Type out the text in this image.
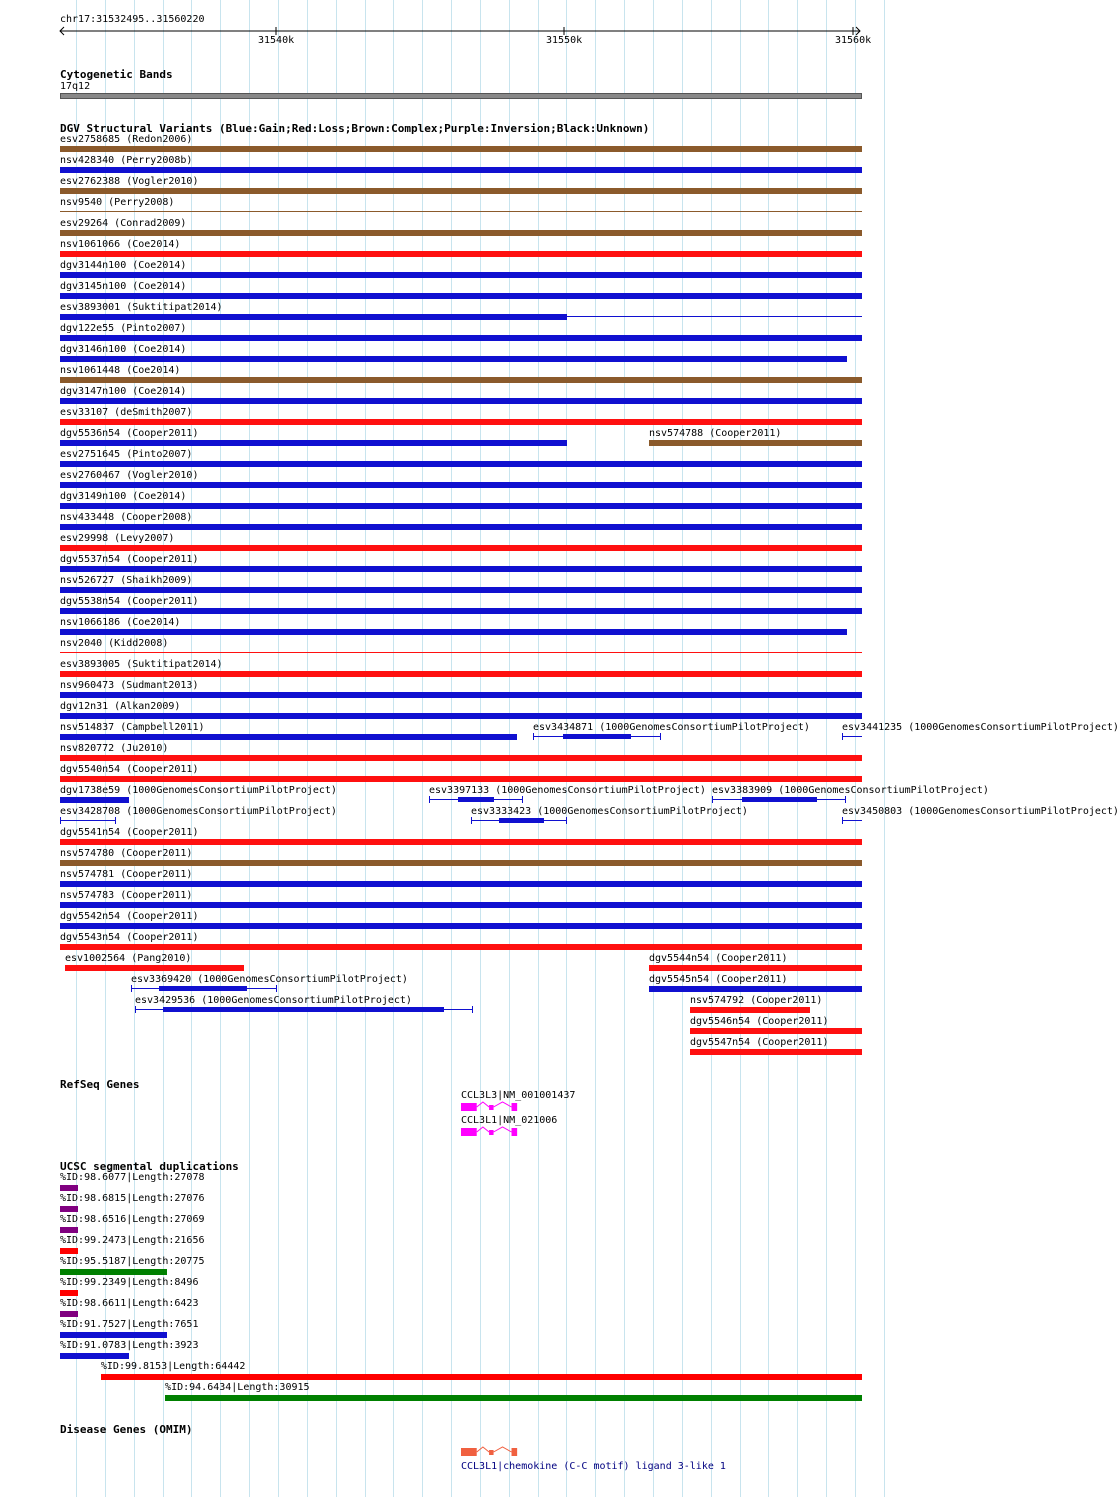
chr17:31532495..31560220
31540k	31550k	31560k
Cytogenetic Bands
17q12
DGV Structural Variants (Blue:Gain;Red:Loss;Brown:Complex;Purple:Inversion;Black:Unknown)
esv2758685 (Redon2006)
nsv428340 (Perry2008b)
esv2762388 (Vogler2010)
nsv9540 (Perry2008)
esv29264 (Conrad2009)
nsv1061066 (Coe2014)
dgv3144n100 (Coe2014)
dgv3145n100 (Coe2014)
esv3893001 (Suktitipat2014)
dgv122e55 (Pinto2007)
dgv3146n100 (Coe2014)
nsv1061448 (Coe2014)
dgv3147n100 (Coe2014)
esv33107 (deSmith2007)
dgv5536n54 (Cooper2011)	nsv574788 (Cooper2011)
esv2751645 (Pinto2007)
esv2760467 (Vogler2010)
dgv3149n100 (Coe2014)
nsv433448 (Cooper2008)
esv29998 (Levy2007)
dgv5537n54 (Cooper2011)
nsv526727 (Shaikh2009)
dgv5538n54 (Cooper2011)
nsv1066186 (Coe2014)
nsv2040 (Kidd2008)
esv3893005 (Suktitipat2014)
nsv960473 (Sudmant2013)
dgv12n31 (Alkan2009)
nsv514837 (Campbell2011)	esv3434871 (1000GenomesConsortiumPilotProject)	esv3441235 (1000GenomesConsortiumPilotProject)
nsv820772 (Ju2010)
dgv5540n54 (Cooper2011)
dgv1738e59 (1000GenomesConsortiumPilotProject)	esv3397133 (1000GenomesConsortiumPilotProject) esv3383909 (1000GenomesConsortiumPilotProject)
esv3428708 (1000GenomesConsortiumPilotProject)	esv3333423 (1000GenomesConsortiumPilotProject)	esv3450803 (1000GenomesConsortiumPilotProject)
dgv5541n54 (Cooper2011)
nsv574780 (Cooper2011)
nsv574781 (Cooper2011)
nsv574783 (Cooper2011)
dgv5542n54 (Cooper2011)
dgv5543n54 (Cooper2011)
esv1002564 (Pang2010)	dgv5544n54 (Cooper2011)
esv3369420 (1000GenomesConsortiumPilotProject)	dgv5545n54 (Cooper2011)
esv3429536 (1000GenomesConsortiumPilotProject)	nsv574792 (Cooper2011)
dgv5546n54 (Cooper2011)
dgv5547n54 (Cooper2011)
RefSeq Genes
CCL3L3|NM_001001437
CCL3L1|NM_021006
UCSC segmental duplications
%ID:98.6077|Length:27078
%ID:98.6815|Length:27076
%ID:98.6516|Length:27069
%ID:99.2473|Length:21656
%ID:95.5187|Length:20775
%ID:99.2349|Length:8496
%ID:98.6611|Length:6423
%ID:91.7527|Length:7651
%ID:91.0783|Length:3923
%ID:99.8153|Length:64442
%ID:94.6434|Length:30915
Disease Genes (OMIM)
CCL3L1|chemokine (C-C motif) ligand 3-like 1
